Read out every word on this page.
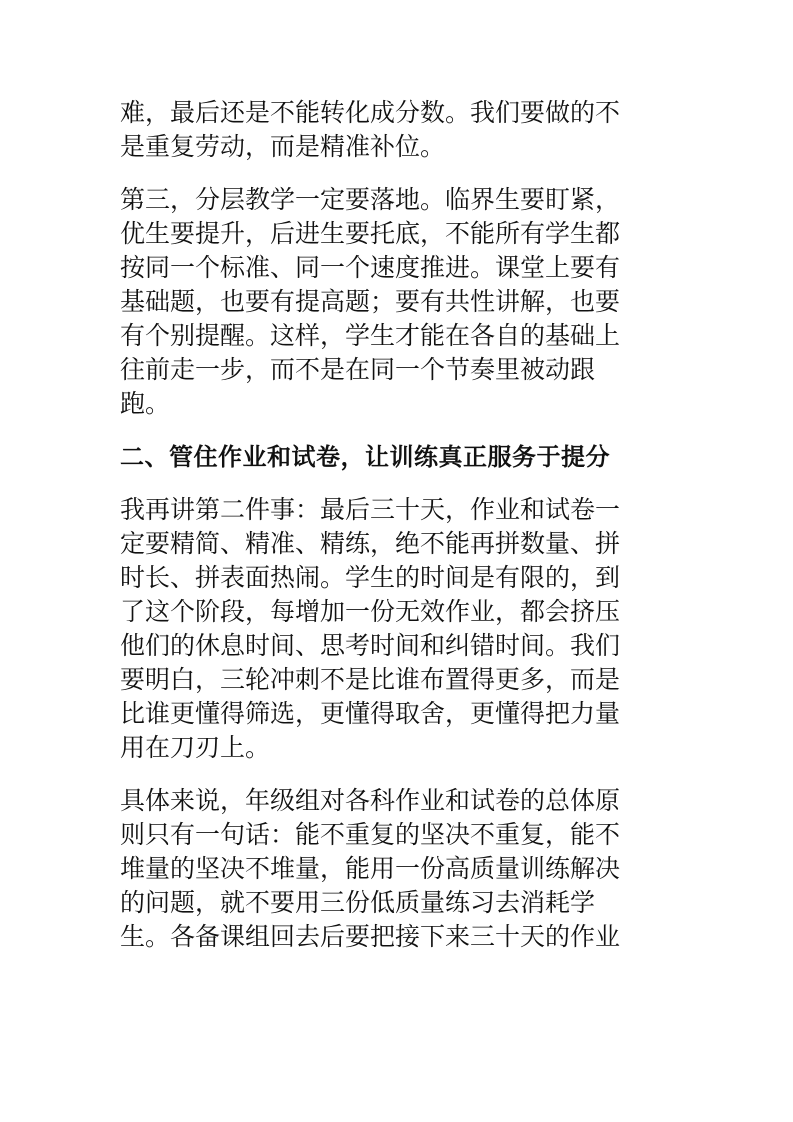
难，最后还是不能转化成分数。我们要做的不
是重复劳动，而是精准补位。
第三，分层教学一定要落地。临界生要盯紧，
优生要提升，后进生要托底，不能所有学生都
按同一个标准、同一个速度推进。课堂上要有
基础题，也要有提高题；要有共性讲解，也要
有个别提醒。这样，学生才能在各自的基础上
往前走一步，而不是在同一个节奏里被动跟
跑。
二、管住作业和试卷，让训练真正服务于提分
我再讲第二件事：最后三十天，作业和试卷一
定要精简、精准、精练，绝不能再拼数量、拼
时长、拼表面热闹。学生的时间是有限的，到
了这个阶段，每增加一份无效作业，都会挤压
他们的休息时间、思考时间和纠错时间。我们
要明白，三轮冲刺不是比谁布置得更多，而是
比谁更懂得筛选，更懂得取舍，更懂得把力量
用在刀刃上。
具体来说，年级组对各科作业和试卷的总体原
则只有一句话：能不重复的坚决不重复，能不
堆量的坚决不堆量，能用一份高质量训练解决
的问题，就不要用三份低质量练习去消耗学
生。各备课组回去后要把接下来三十天的作业
